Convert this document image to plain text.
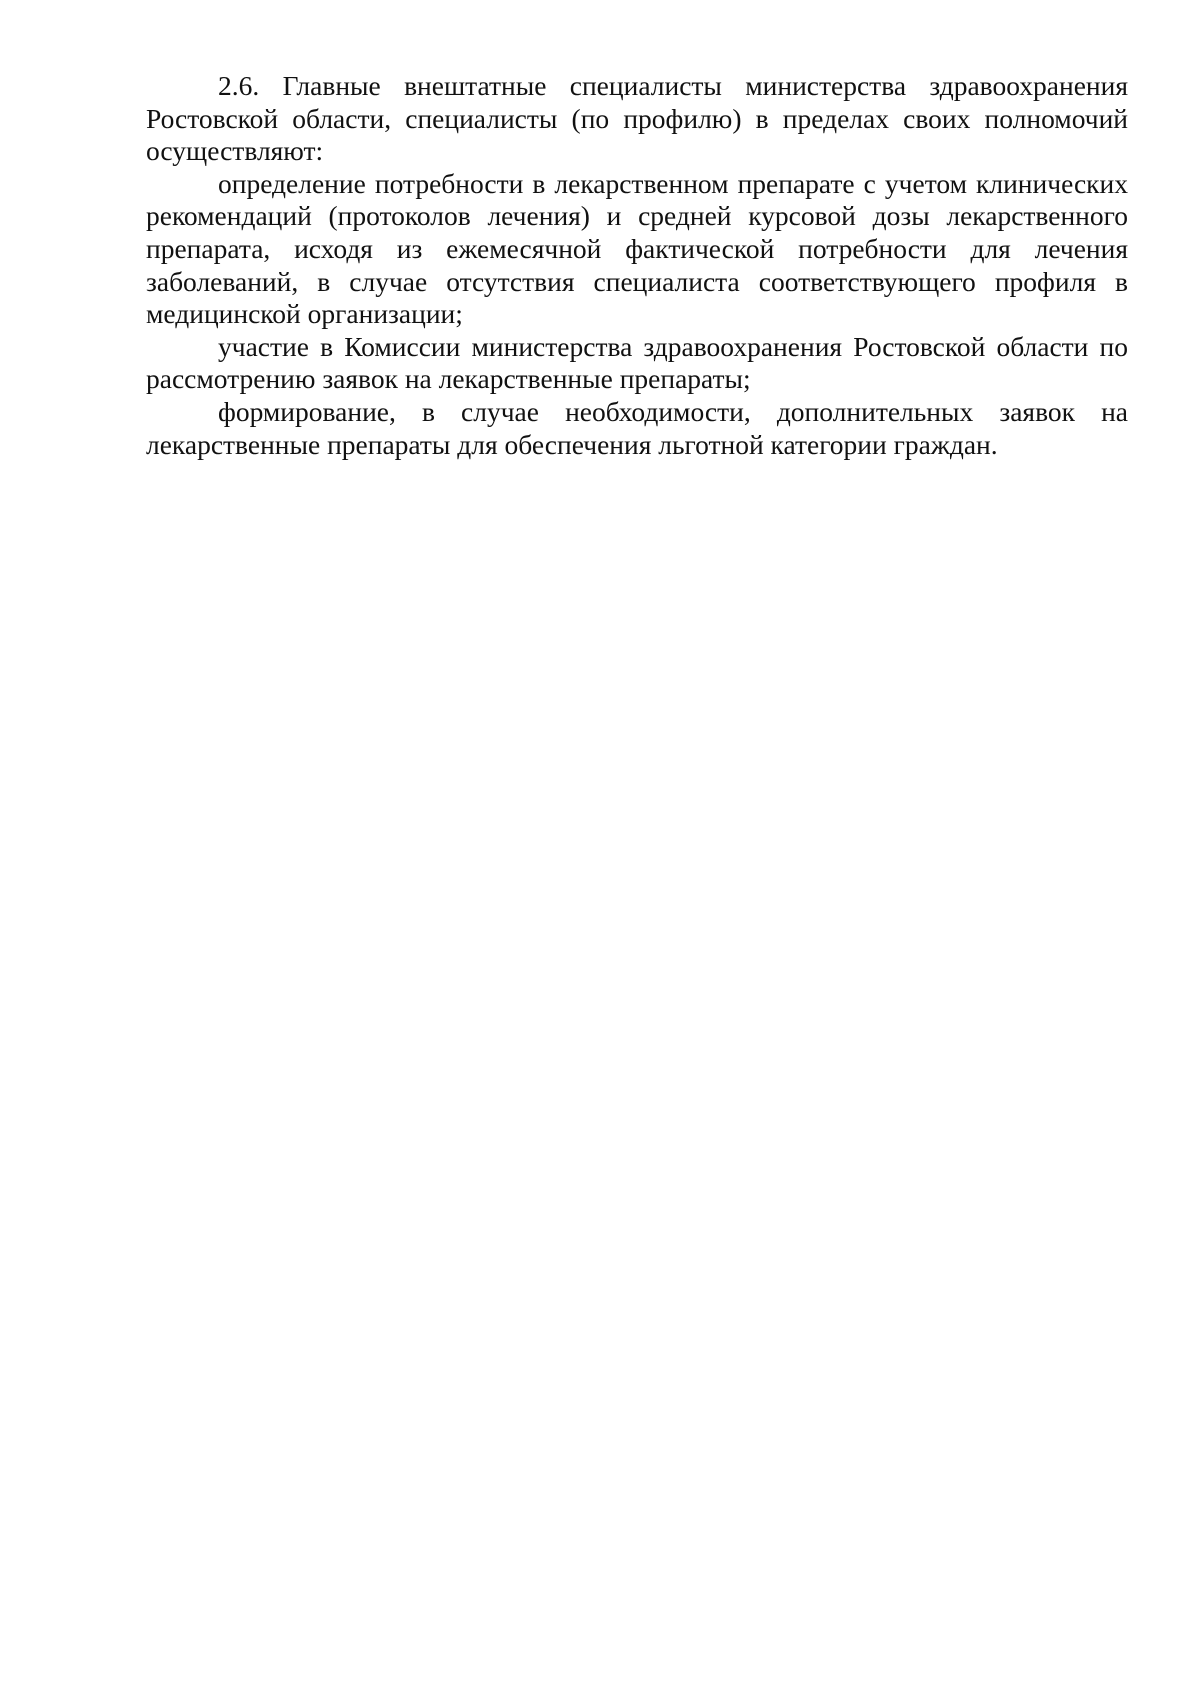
2.6. Главные внештатные специалисты министерства здравоохранения Ростовской области, специалисты (по профилю) в пределах своих полномочий осуществляют:

определение потребности в лекарственном препарате с учетом клинических рекомендаций (протоколов лечения) и средней курсовой дозы лекарственного препарата, исходя из ежемесячной фактической потребности для лечения заболеваний, в случае отсутствия специалиста соответствующего профиля в медицинской организации;

участие в Комиссии министерства здравоохранения Ростовской области по рассмотрению заявок на лекарственные препараты;

формирование, в случае необходимости, дополнительных заявок на лекарственные препараты для обеспечения льготной категории граждан.
